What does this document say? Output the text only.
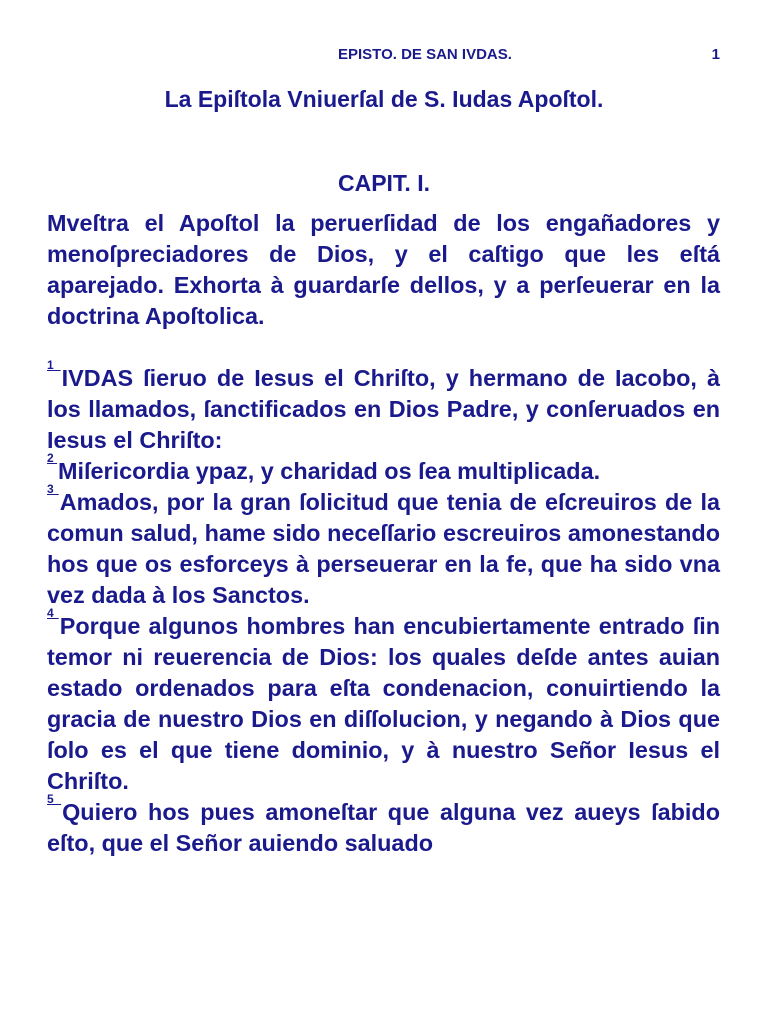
EPISTO. DE SAN IVDAS.	1
La Epiſtola Vniuerſal de S. Iudas Apoſtol.
CAPIT. I.

Mveſtra el Apoſtol la peruerſidad de los engañadores y menoſpreciadores de Dios, y el caſtigo que les eſtá aparejado. Exhorta à guardarſe dellos, y a perſeuerar en la doctrina Apoſtolica.

$^1$ IVDAS ſieruo de Iesus el Chriſto, y hermano de Iacobo, à los llamados, ſanctificados en Dios Padre, y conſeruados en Iesus el Chriſto:

$^2$ Miſericordia ypaz, y charidad os ſea multiplicada.

$^3$ Amados, por la gran ſolicitud que tenia de eſcreuiros de la comun salud, hame sido neceſſario escreuiros amonestando hos que os esforceys à perseuerar en la fe, que ha sido vna vez dada à los Sanctos.

$^4$ Porque algunos hombres han encubiertamente entrado ſin temor ni reuerencia de Dios: los quales deſde antes auian estado ordenados para eſta condenacion, conuirtiendo la gracia de nuestro Dios en diſſolucion, y negando à Dios que ſolo es el que tiene dominio, y à nuestro Señor Iesus el Chriſto.

$^5$ Quiero hos pues amoneſtar que alguna vez aueys ſabido eſto, que el Señor auiendo saluado
